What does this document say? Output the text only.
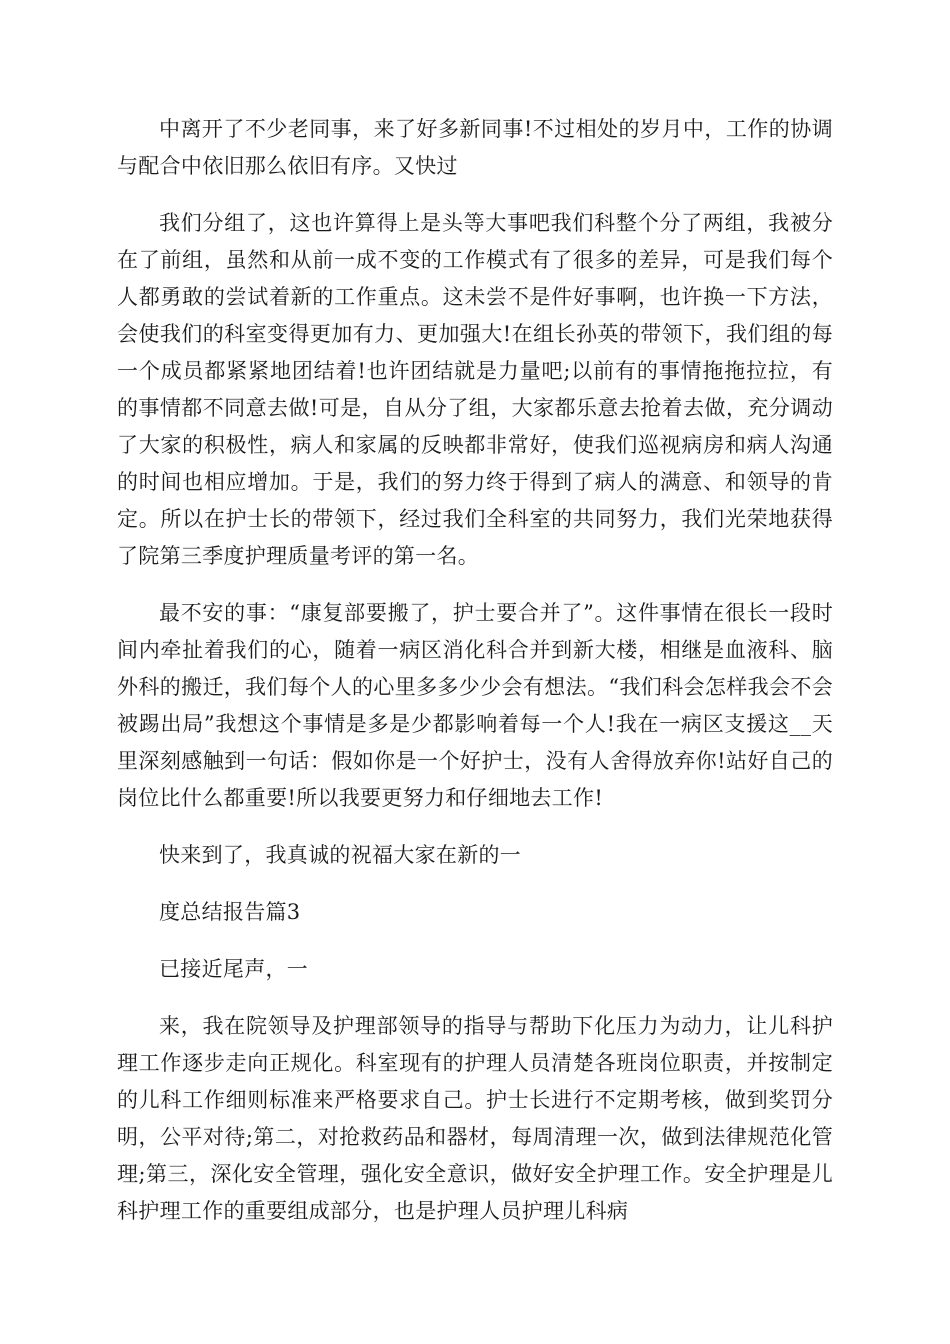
中离开了不少老同事，来了好多新同事!不过相处的岁月中，工作的协调与配合中依旧那么依旧有序。又快过

我们分组了，这也许算得上是头等大事吧我们科整个分了两组，我被分在了前组，虽然和从前一成不变的工作模式有了很多的差异，可是我们每个人都勇敢的尝试着新的工作重点。这未尝不是件好事啊，也许换一下方法，会使我们的科室变得更加有力、更加强大!在组长孙英的带领下，我们组的每一个成员都紧紧地团结着!也许团结就是力量吧;以前有的事情拖拖拉拉，有的事情都不同意去做!可是，自从分了组，大家都乐意去抢着去做，充分调动了大家的积极性，病人和家属的反映都非常好，使我们巡视病房和病人沟通的时间也相应增加。于是，我们的努力终于得到了病人的满意、和领导的肯定。所以在护士长的带领下，经过我们全科室的共同努力，我们光荣地获得了院第三季度护理质量考评的第一名。

最不安的事：“康复部要搬了，护士要合并了”。这件事情在很长一段时间内牵扯着我们的心，随着一病区消化科合并到新大楼，相继是血液科、脑外科的搬迁，我们每个人的心里多多少少会有想法。“我们科会怎样我会不会被踢出局”我想这个事情是多是少都影响着每一个人!我在一病区支援这__天里深刻感触到一句话：假如你是一个好护士，没有人舍得放弃你!站好自己的岗位比什么都重要!所以我要更努力和仔细地去工作!

快来到了，我真诚的祝福大家在新的一

度总结报告篇3

已接近尾声，一

来，我在院领导及护理部领导的指导与帮助下化压力为动力，让儿科护理工作逐步走向正规化。科室现有的护理人员清楚各班岗位职责，并按制定的儿科工作细则标准来严格要求自己。护士长进行不定期考核，做到奖罚分明，公平对待;第二，对抢救药品和器材，每周清理一次，做到法律规范化管理;第三，深化安全管理，强化安全意识，做好安全护理工作。安全护理是儿科护理工作的重要组成部分，也是护理人员护理儿科病
